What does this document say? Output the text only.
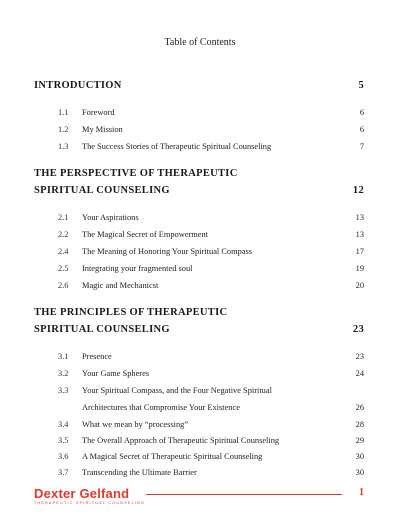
Table of Contents
INTRODUCTION	5
1.1	Foreword	6
1.2	My Mission	6
1.3	The Success Stories of Therapeutic Spiritual Counseling	7
THE PERSPECTIVE OF THERAPEUTIC
SPIRITUAL COUNSELING	12
2.1	Your Aspirations	13
2.2	The Magical Secret of Empowerment	13
2.4	The Meaning of Honoring Your Spiritual Compass	17
2.5	Integrating your fragmented soul	19
2.6	Magic and Mechanicst	20
THE PRINCIPLES OF THERAPEUTIC
SPIRITUAL COUNSELING	23
3.1	Presence	23
3.2	Your Game Spheres	24
3.3	Your Spiritual Compass, and the Four Negative Spiritual
Architectures that Compromise Your Existence	26
3.4	What we mean by “processing”	28
3.5	The Overall Approach of Therapeutic Spiritual Counseling	29
3.6	A Magical Secret of Therapeutic Spiritual Counseling	30
3.7	Transcending the Ultimate Barrier	30
Dexter Gelfand
THERAPEUTIC SPIRITUAL COUNSELING
1
